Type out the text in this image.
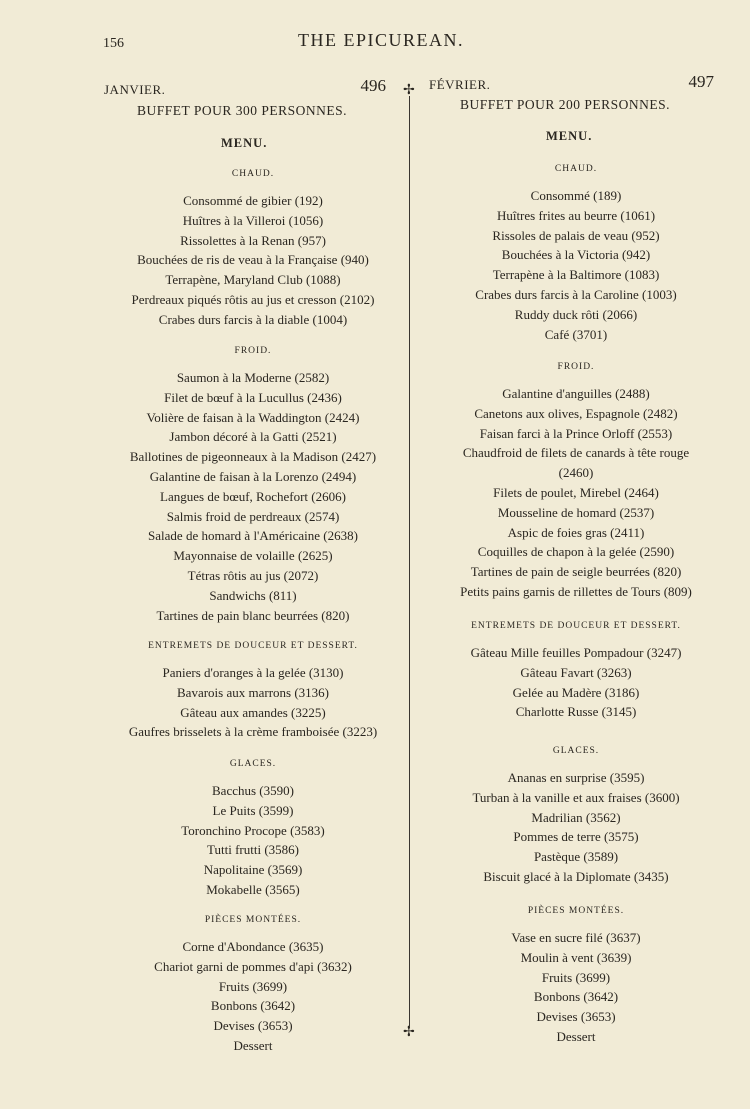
156	THE EPICUREAN.
✢
✢
JANVIER.	496
BUFFET POUR 300 PERSONNES.
MENU.
CHAUD.
Consommé de gibier (192)
Huîtres à la Villeroi (1056)
Rissolettes à la Renan (957)
Bouchées de ris de veau à la Française (940)
Terrapène, Maryland Club (1088)
Perdreaux piqués rôtis au jus et cresson (2102)
Crabes durs farcis à la diable (1004)
FROID.
Saumon à la Moderne (2582)
Filet de bœuf à la Lucullus (2436)
Volière de faisan à la Waddington (2424)
Jambon décoré à la Gatti (2521)
Ballotines de pigeonneaux à la Madison (2427)
Galantine de faisan à la Lorenzo (2494)
Langues de bœuf, Rochefort (2606)
Salmis froid de perdreaux (2574)
Salade de homard à l'Américaine (2638)
Mayonnaise de volaille (2625)
Tétras rôtis au jus (2072)
Sandwichs (811)
Tartines de pain blanc beurrées (820)
ENTREMETS DE DOUCEUR ET DESSERT.
Paniers d'oranges à la gelée (3130)
Bavarois aux marrons (3136)
Gâteau aux amandes (3225)
Gaufres brisselets à la crème framboisée (3223)
GLACES.
Bacchus (3590)
Le Puits (3599)
Toronchino Procope (3583)
Tutti frutti (3586)
Napolitaine (3569)
Mokabelle (3565)
PIÈCES MONTÉES.
Corne d'Abondance (3635)
Chariot garni de pommes d'api (3632)
Fruits (3699)
Bonbons (3642)
Devises (3653)
Dessert
FÉVRIER.	497
BUFFET POUR 200 PERSONNES.
MENU.
CHAUD.
Consommé (189)
Huîtres frites au beurre (1061)
Rissoles de palais de veau (952)
Bouchées à la Victoria (942)
Terrapène à la Baltimore (1083)
Crabes durs farcis à la Caroline (1003)
Ruddy duck rôti (2066)
Café (3701)
FROID.
Galantine d'anguilles (2488)
Canetons aux olives, Espagnole (2482)
Faisan farci à la Prince Orloff (2553)
Chaudfroid de filets de canards à tête rouge
(2460)
Filets de poulet, Mirebel (2464)
Mousseline de homard (2537)
Aspic de foies gras (2411)
Coquilles de chapon à la gelée (2590)
Tartines de pain de seigle beurrées (820)
Petits pains garnis de rillettes de Tours (809)
ENTREMETS DE DOUCEUR ET DESSERT.
Gâteau Mille feuilles Pompadour (3247)
Gâteau Favart (3263)
Gelée au Madère (3186)
Charlotte Russe (3145)
GLACES.
Ananas en surprise (3595)
Turban à la vanille et aux fraises (3600)
Madrilian (3562)
Pommes de terre (3575)
Pastèque (3589)
Biscuit glacé à la Diplomate (3435)
PIÈCES MONTÉES.
Vase en sucre filé (3637)
Moulin à vent (3639)
Fruits (3699)
Bonbons (3642)
Devises (3653)
Dessert
